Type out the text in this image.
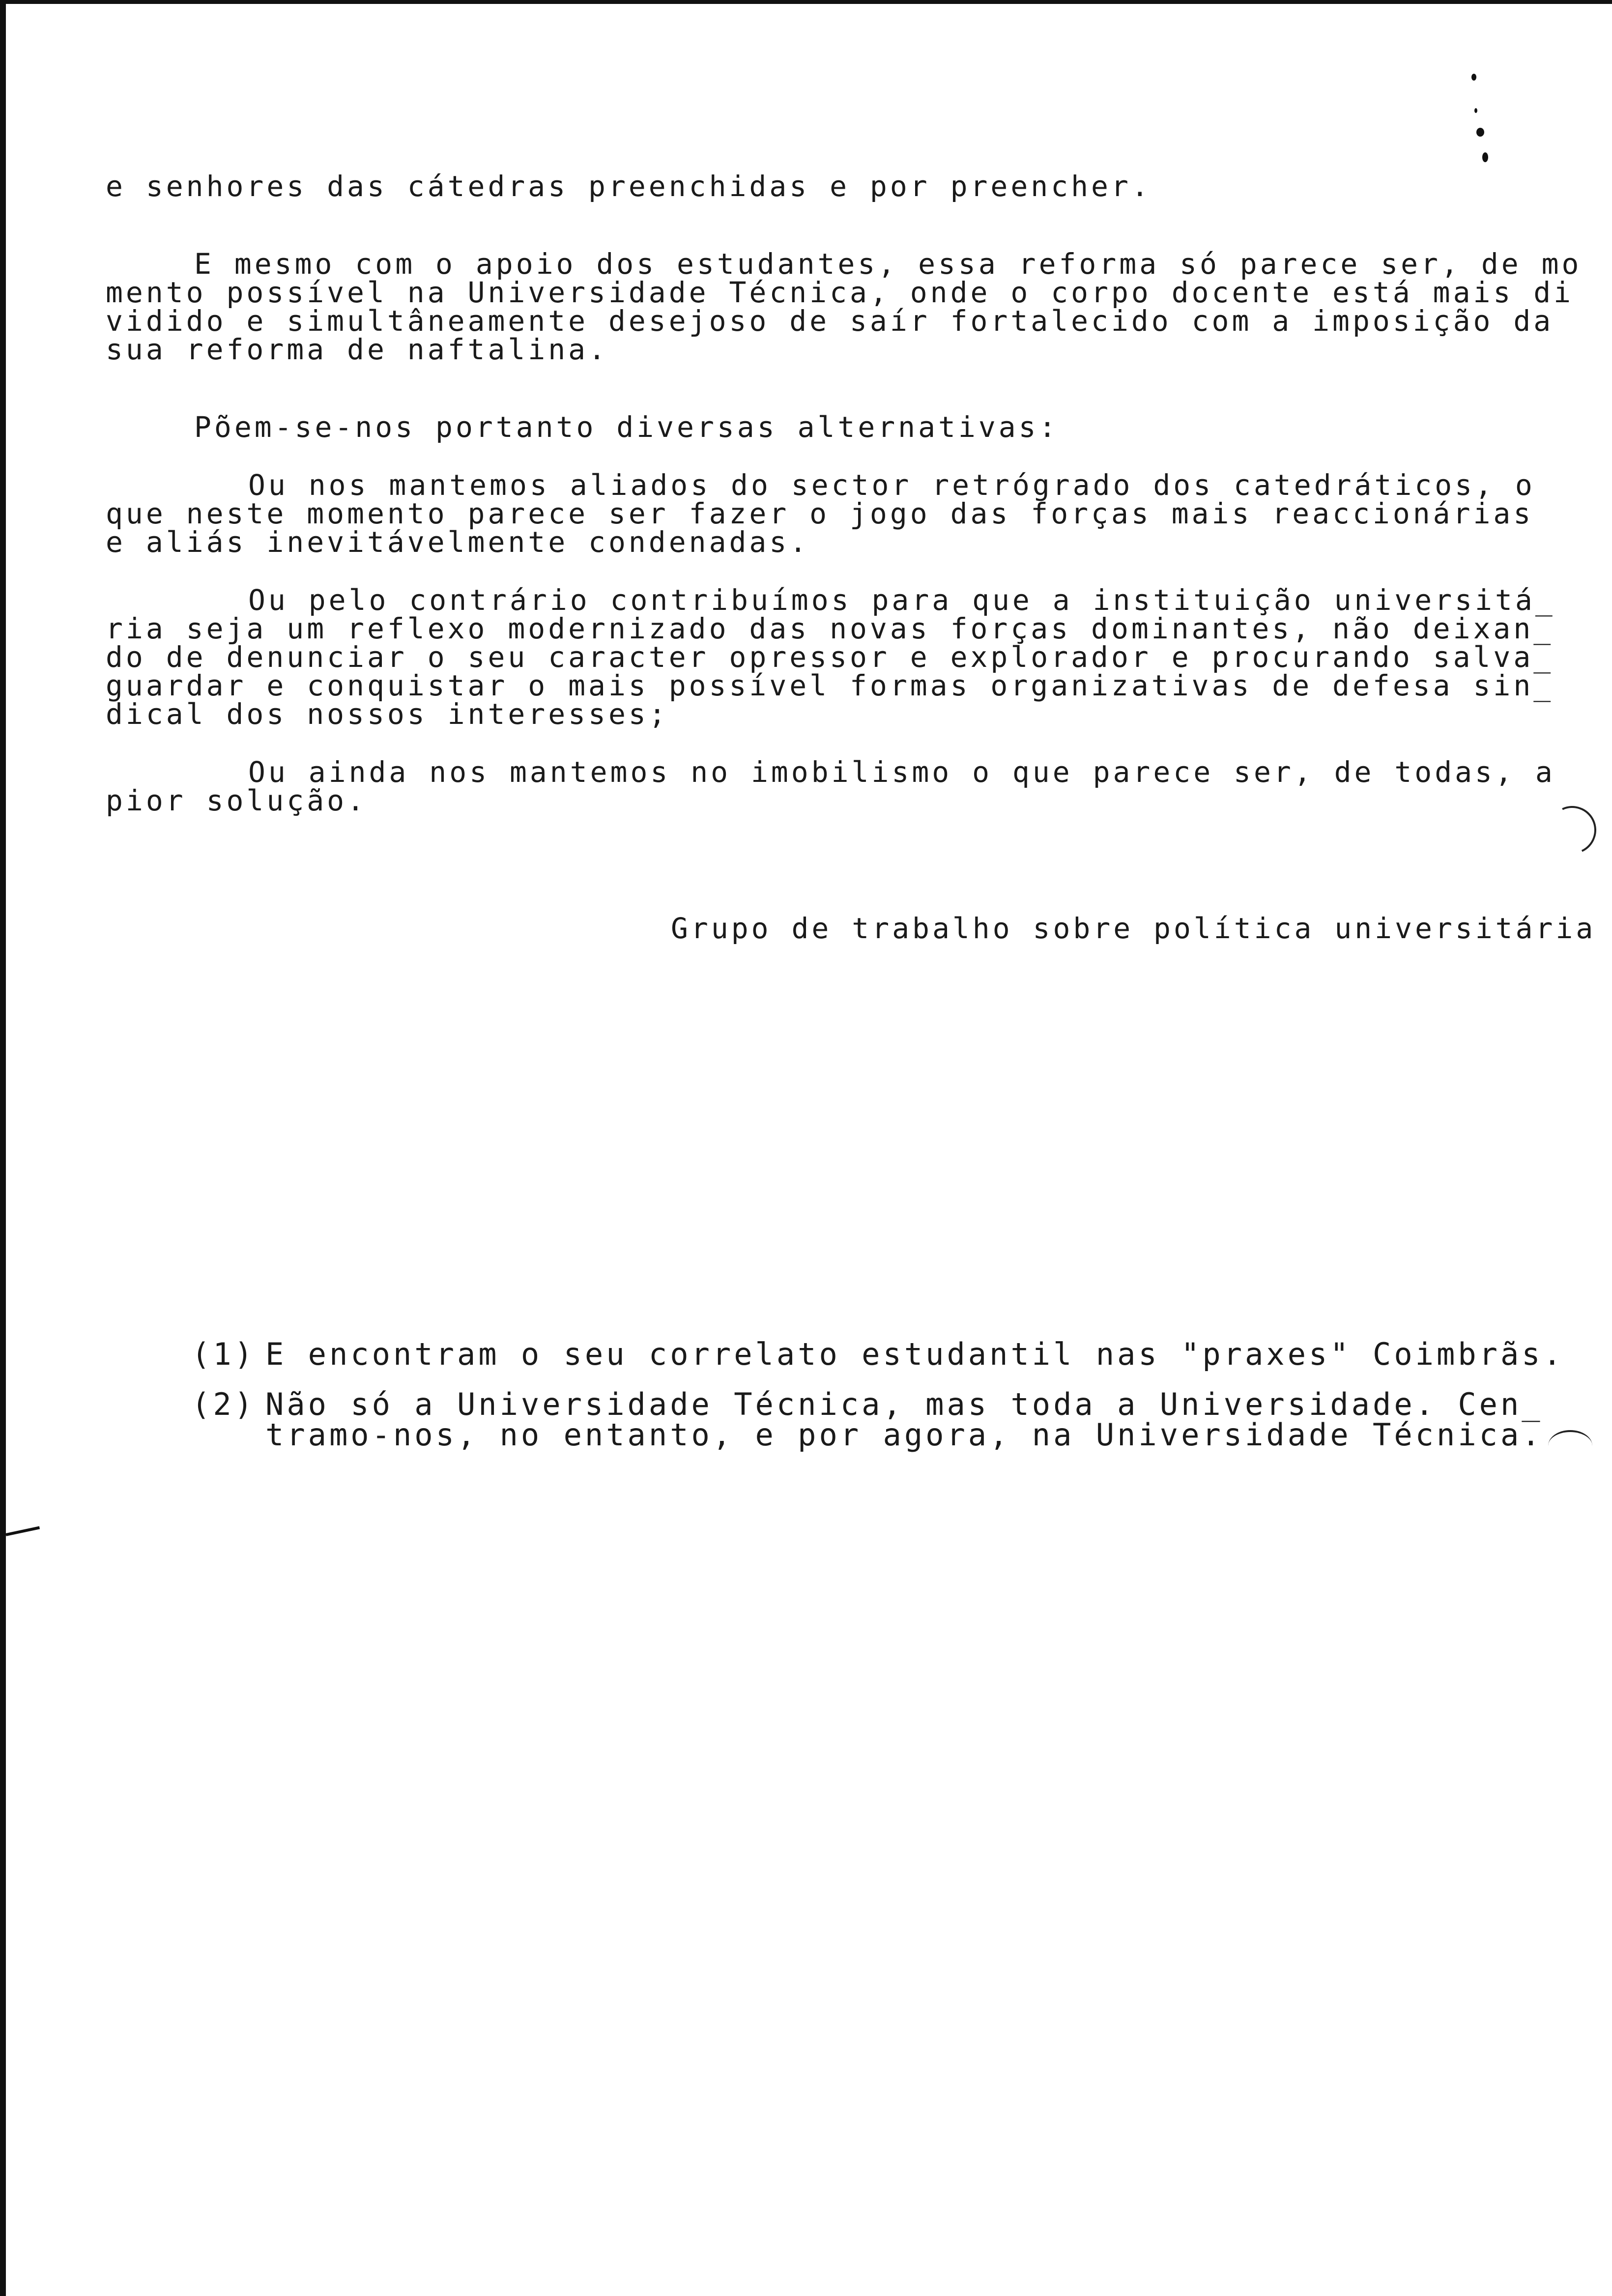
e senhores das cátedras preenchidas e por preencher.
E mesmo com o apoio dos estudantes, essa reforma só parece ser, de mo
mento possível na Universidade Técnica, onde o corpo docente está mais di
vidido e simultâneamente desejoso de saír fortalecido com a imposição da
sua reforma de naftalina.
Põem-se-nos portanto diversas alternativas:
Ou nos mantemos aliados do sector retrógrado dos catedráticos, o
que neste momento parece ser fazer o jogo das forças mais reaccionárias
e aliás inevitávelmente condenadas.
Ou pelo contrário contribuímos para que a instituição universitá_
ria seja um reflexo modernizado das novas forças dominantes, não deixan_
do de denunciar o seu caracter opressor e explorador e procurando salva_
guardar e conquistar o mais possível formas organizativas de defesa sin_
dical dos nossos interesses;
Ou ainda nos mantemos no imobilismo o que parece ser, de todas, a
pior solução.
Grupo de trabalho sobre política universitária
(1) E encontram o seu correlato estudantil nas "praxes" Coimbrãs.
(2) Não só a Universidade Técnica, mas toda a Universidade. Cen_
tramo-nos, no entanto, e por agora, na Universidade Técnica.
